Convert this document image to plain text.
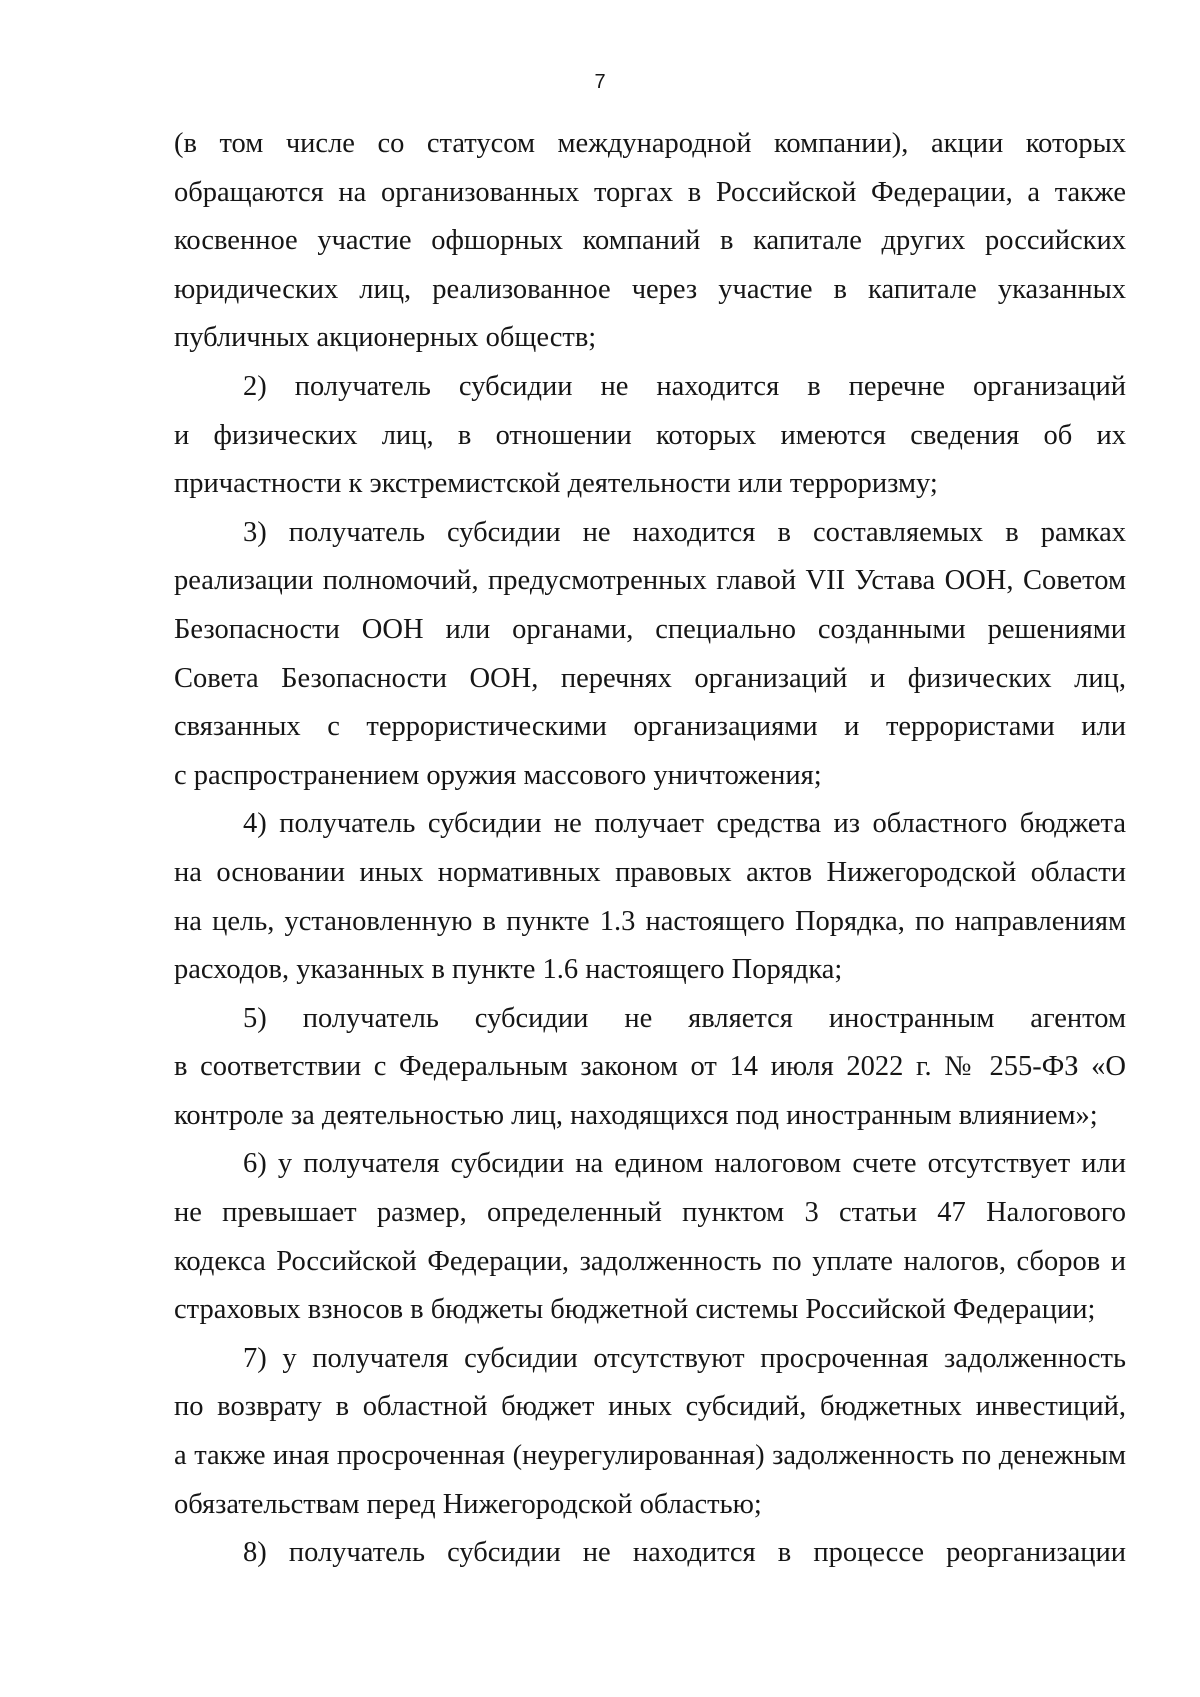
7
(в том числе со статусом международной компании), акции которых
обращаются на организованных торгах в Российской Федерации, а также
косвенное участие офшорных компаний в капитале других российских
юридических лиц, реализованное через участие в капитале указанных
публичных акционерных обществ;
2) получатель субсидии не находится в перечне организаций
и физических лиц, в отношении которых имеются сведения об их
причастности к экстремистской деятельности или терроризму;
3) получатель субсидии не находится в составляемых в рамках
реализации полномочий, предусмотренных главой VII Устава ООН, Советом
Безопасности ООН или органами, специально созданными решениями
Совета Безопасности ООН, перечнях организаций и физических лиц,
связанных с террористическими организациями и террористами или
с распространением оружия массового уничтожения;
4) получатель субсидии не получает средства из областного бюджета
на основании иных нормативных правовых актов Нижегородской области
на цель, установленную в пункте 1.3 настоящего Порядка, по направлениям
расходов, указанных в пункте 1.6 настоящего Порядка;
5) получатель субсидии не является иностранным агентом
в соответствии с Федеральным законом от 14 июля 2022 г. № 255-ФЗ «О
контроле за деятельностью лиц, находящихся под иностранным влиянием»;
6) у получателя субсидии на едином налоговом счете отсутствует или
не превышает размер, определенный пунктом 3 статьи 47 Налогового
кодекса Российской Федерации, задолженность по уплате налогов, сборов и
страховых взносов в бюджеты бюджетной системы Российской Федерации;
7) у получателя субсидии отсутствуют просроченная задолженность
по возврату в областной бюджет иных субсидий, бюджетных инвестиций,
а также иная просроченная (неурегулированная) задолженность по денежным
обязательствам перед Нижегородской областью;
8) получатель субсидии не находится в процессе реорганизации
